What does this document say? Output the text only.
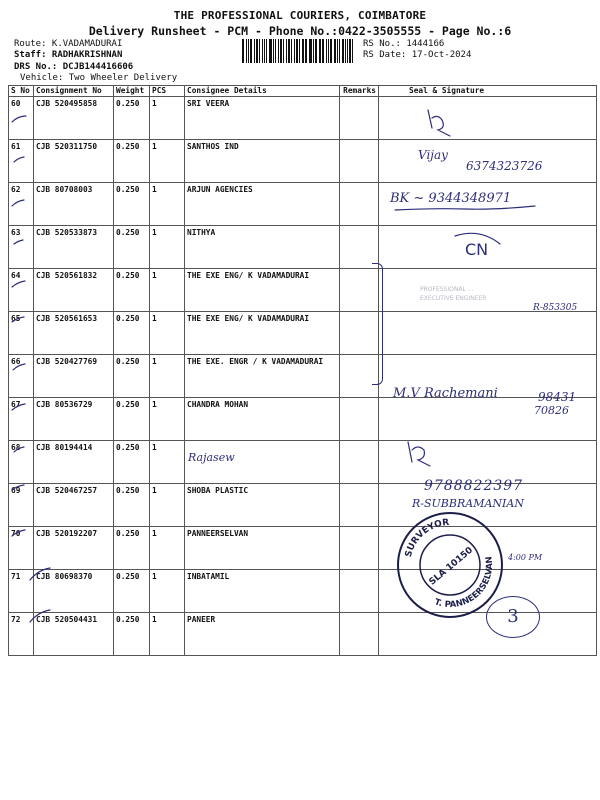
THE PROFESSIONAL COURIERS, COIMBATORE
Delivery Runsheet - PCM - Phone No.:0422-3505555 - Page No.:6
Route: K.VADAMADURAI
Staff: RADHAKRISHNAN
DRS No.: DCJB144416606
Vehicle: Two Wheeler Delivery
RS No.: 1444166
RS Date: 17-Oct-2024
S No	Consignment No	Weight	PCS	Consignee Details	Remarks	Seal & Signature
60	CJB 520495858	0.250	1	SRI VEERA		
61	CJB 520311750	0.250	1	SANTHOS IND		
62	CJB 80708003	0.250	1	ARJUN AGENCIES		
63	CJB 520533873	0.250	1	NITHYA		
64	CJB 520561832	0.250	1	THE EXE ENG/ K VADAMADURAI		
65	CJB 520561653	0.250	1	THE EXE ENG/ K VADAMADURAI		
66	CJB 520427769	0.250	1	THE EXE. ENGR / K VADAMADURAI		
67	CJB 80536729	0.250	1	CHANDRA MOHAN		
68	CJB 80194414	0.250	1			
69	CJB 520467257	0.250	1	SHOBA PLASTIC		
70	CJB 520192207	0.250	1	PANNEERSELVAN		
71	CJB 80698370	0.250	1	INBATAMIL		
72	CJB 520504431	0.250	1	PANEER		
Vijay
6374323726
BK ~ 9344348971
CN
PROFESSIONAL ...
EXECUTIVE ENGINEER
R-853305
M.V Rachemani	98431
70826
Rajasew
9788822397
R-SUBBRAMANIAN
4:00 PM
3
SURVEYOR
T. PANNEERSELVAN
SLA 10150
